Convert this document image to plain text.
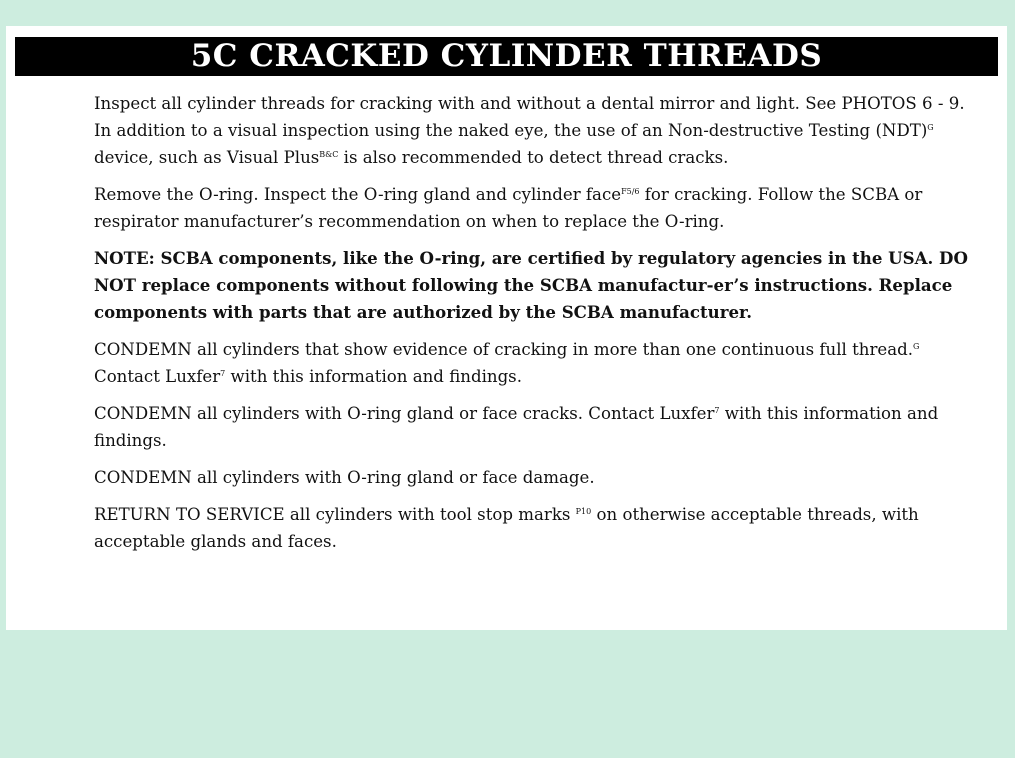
5C CRACKED CYLINDER THREADS

Inspect all cylinder threads for cracking with and without a dental mirror and light. See PHOTOS 6 - 9. In addition to a visual inspection using the naked eye, the use of an Non-destructive Testing (NDT)$^G$ device, such as Visual Plus$^{B\&C}$ is also recommended to detect thread cracks.

Remove the O-ring. Inspect the O-ring gland and cylinder face$^{F5/6}$ for cracking. Follow the SCBA or respirator manufacturer’s recommendation on when to replace the O-ring.

NOTE: SCBA components, like the O-ring, are certified by regulatory agencies in the USA. DO NOT replace components without following the SCBA manufactur-er’s instructions. Replace components with parts that are authorized by the SCBA manufacturer.

CONDEMN all cylinders that show evidence of cracking in more than one continuous full thread.$^G$ Contact Luxfer$^7$ with this information and findings.

CONDEMN all cylinders with O-ring gland or face cracks. Contact Luxfer$^7$ with this information and findings.

CONDEMN all cylinders with O-ring gland or face damage.

RETURN TO SERVICE all cylinders with tool stop marks $^{P10}$ on otherwise acceptable threads, with acceptable glands and faces.
